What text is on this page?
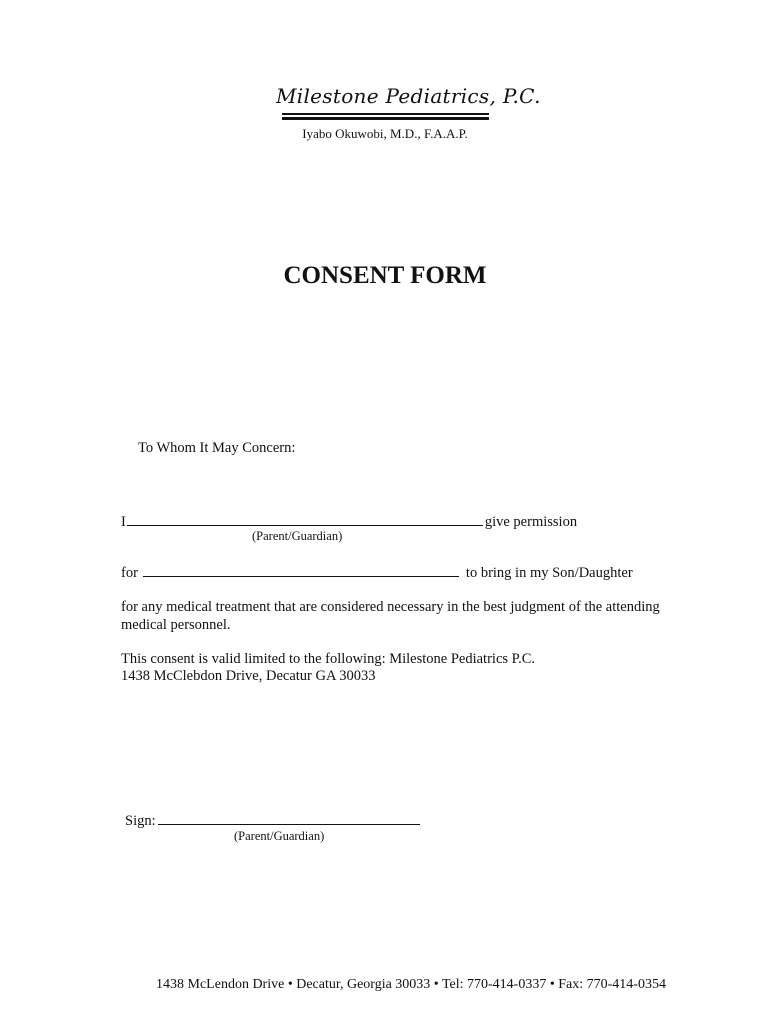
Milestone Pediatrics, P.C.
Iyabo Okuwobi, M.D., F.A.A.P.
CONSENT FORM
To Whom It May Concern:
I	give permission
(Parent/Guardian)
for	to bring in my Son/Daughter
for any medical treatment that are considered necessary in the best judgment of the attending medical personnel.
This consent is valid limited to the following: Milestone Pediatrics P.C.
1438 McClebdon Drive, Decatur GA 30033
Sign:
(Parent/Guardian)
1438 McLendon Drive • Decatur, Georgia 30033 • Tel: 770-414-0337 • Fax: 770-414-0354
